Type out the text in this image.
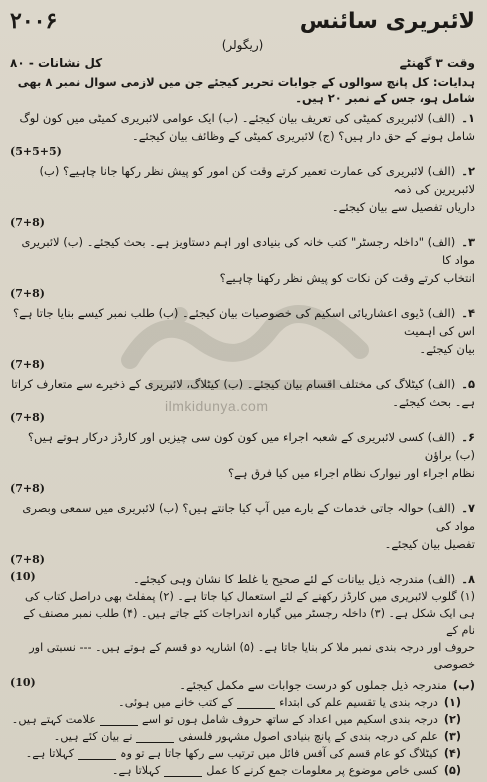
ilmkidunya.com
۲۰۰۶	لائبریری سائنس
(ریگولر)
وقت ۳ گھنٹے
کل نشانات - ۸۰
ہدایات: کل پانچ سوالوں کے جوابات تحریر کیجئے جن میں لازمی سوال نمبر ۸ بھی شامل ہو، جس کے نمبر ۲۰ ہیں۔
۱۔(الف) لائبریری کمیٹی کی تعریف بیان کیجئے۔ (ب) ایک عوامی لائبریری کمیٹی میں کون لوگ
شامل ہونے کے حق دار ہیں؟ (ج) لائبریری کمیٹی کے وظائف بیان کیجئے۔
(5+5+5)
۲۔(الف) لائبریری کی عمارت تعمیر کرتے وقت کن امور کو پیش نظر رکھا جانا چاہیے؟ (ب) لائبریرین کی ذمہ
داریاں تفصیل سے بیان کیجئے۔
(7+8)
۳۔(الف) "داخلہ رجسٹر" کتب خانہ کی بنیادی اور اہم دستاویز ہے۔ بحث کیجئے۔ (ب) لائبریری مواد کا
انتخاب کرتے وقت کن نکات کو پیش نظر رکھنا چاہیے؟
(7+8)
۴۔(الف) ڈیوی اعشاریائی اسکیم کی خصوصیات بیان کیجئے۔ (ب) طلب نمبر کیسے بنایا جاتا ہے؟ اس کی اہمیت
بیان کیجئے۔
(7+8)
۵۔(الف) کیٹلاگ کی مختلف اقسام بیان کیجئے۔ (ب) کیٹلاگ، لائبریری کے ذخیرے سے متعارف کراتا
ہے۔ بحث کیجئے۔
(7+8)
۶۔(الف) کسی لائبریری کے شعبہ اجراء میں کون کون سی چیزیں اور کارڈز درکار ہوتے ہیں؟ (ب) براؤن
نظام اجراء اور نیوارک نظام اجراء میں کیا فرق ہے؟
(7+8)
۷۔(الف) حوالہ جاتی خدمات کے بارے میں آپ کیا جانتے ہیں؟ (ب) لائبریری میں سمعی وبصری مواد کی
تفصیل بیان کیجئے۔
(7+8)
۸۔(الف) مندرجہ ذیل بیانات کے لئے صحیح یا غلط کا نشان وہی کیجئے۔
(10)
(۱) گلوب لائبریری میں کارڈز رکھنے کے لئے استعمال کیا جاتا ہے۔ (۲) پمفلٹ بھی دراصل کتاب کی
ہی ایک شکل ہے۔ (۳) داخلہ رجسٹر میں گیارہ اندراجات کئے جاتے ہیں۔ (۴) طلب نمبر مصنف کے نام کے
حروف اور درجہ بندی نمبر ملا کر بنایا جاتا ہے۔ (۵) اشاریہ دو قسم کے ہوتے ہیں۔ --- نسبتی اور خصوصی
(ب)مندرجہ ذیل جملوں کو درست جوابات سے مکمل کیجئے۔
(10)
(۱)درجہ بندی یا تقسیم علم کی ابتداءکے کتب خانے میں ہوئی۔
(۲)درجہ بندی اسکیم میں اعداد کے ساتھ حروف شامل ہوں تو اسےعلامت کہتے ہیں۔
(۳)علم کی درجہ بندی کے پانچ بنیادی اصول مشہور فلسفینے بیان کئے ہیں۔
(۴)کیٹلاگ کو عام قسم کی آفس فائل میں ترتیب سے رکھا جاتا ہے تو وہکہلاتا ہے۔
(۵)کسی خاص موضوع پر معلومات جمع کرنے کا عملکہلاتا ہے۔
